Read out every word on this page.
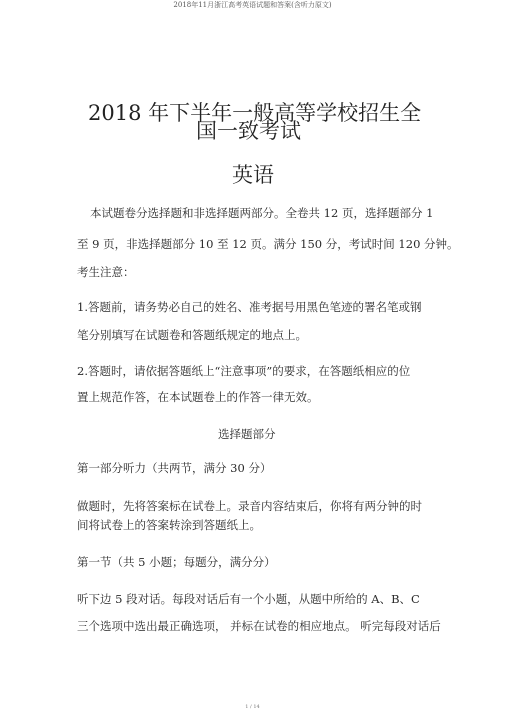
2018年11月浙江高考英语试题和答案(含听力原文)
2018 年下半年一般高等学校招生全
国一致考试
英语
本试题卷分选择题和非选择题两部分。全卷共 12 页，选择题部分 1
至 9 页，非选择题部分 10 至 12 页。满分 150 分，考试时间 120 分钟。
考生注意：
1.答题前，请务势必自己的姓名、准考据号用黑色笔迹的署名笔或钢
笔分别填写在试题卷和答题纸规定的地点上。
2.答题时，请依据答题纸上“注意事项”的要求，在答题纸相应的位
置上规范作答，在本试题卷上的作答一律无效。
选择题部分
第一部分听力（共两节，满分 30 分）
做题时，先将答案标在试卷上。录音内容结束后，你将有两分钟的时
间将试卷上的答案转涂到答题纸上。
第一节（共 5 小题；每题分，满分分）
听下边 5 段对话。每段对话后有一个小题，从题中所给的 A、B、C
三个选项中选出最正确选项， 并标在试卷的相应地点。 听完每段对话后
1 / 14
